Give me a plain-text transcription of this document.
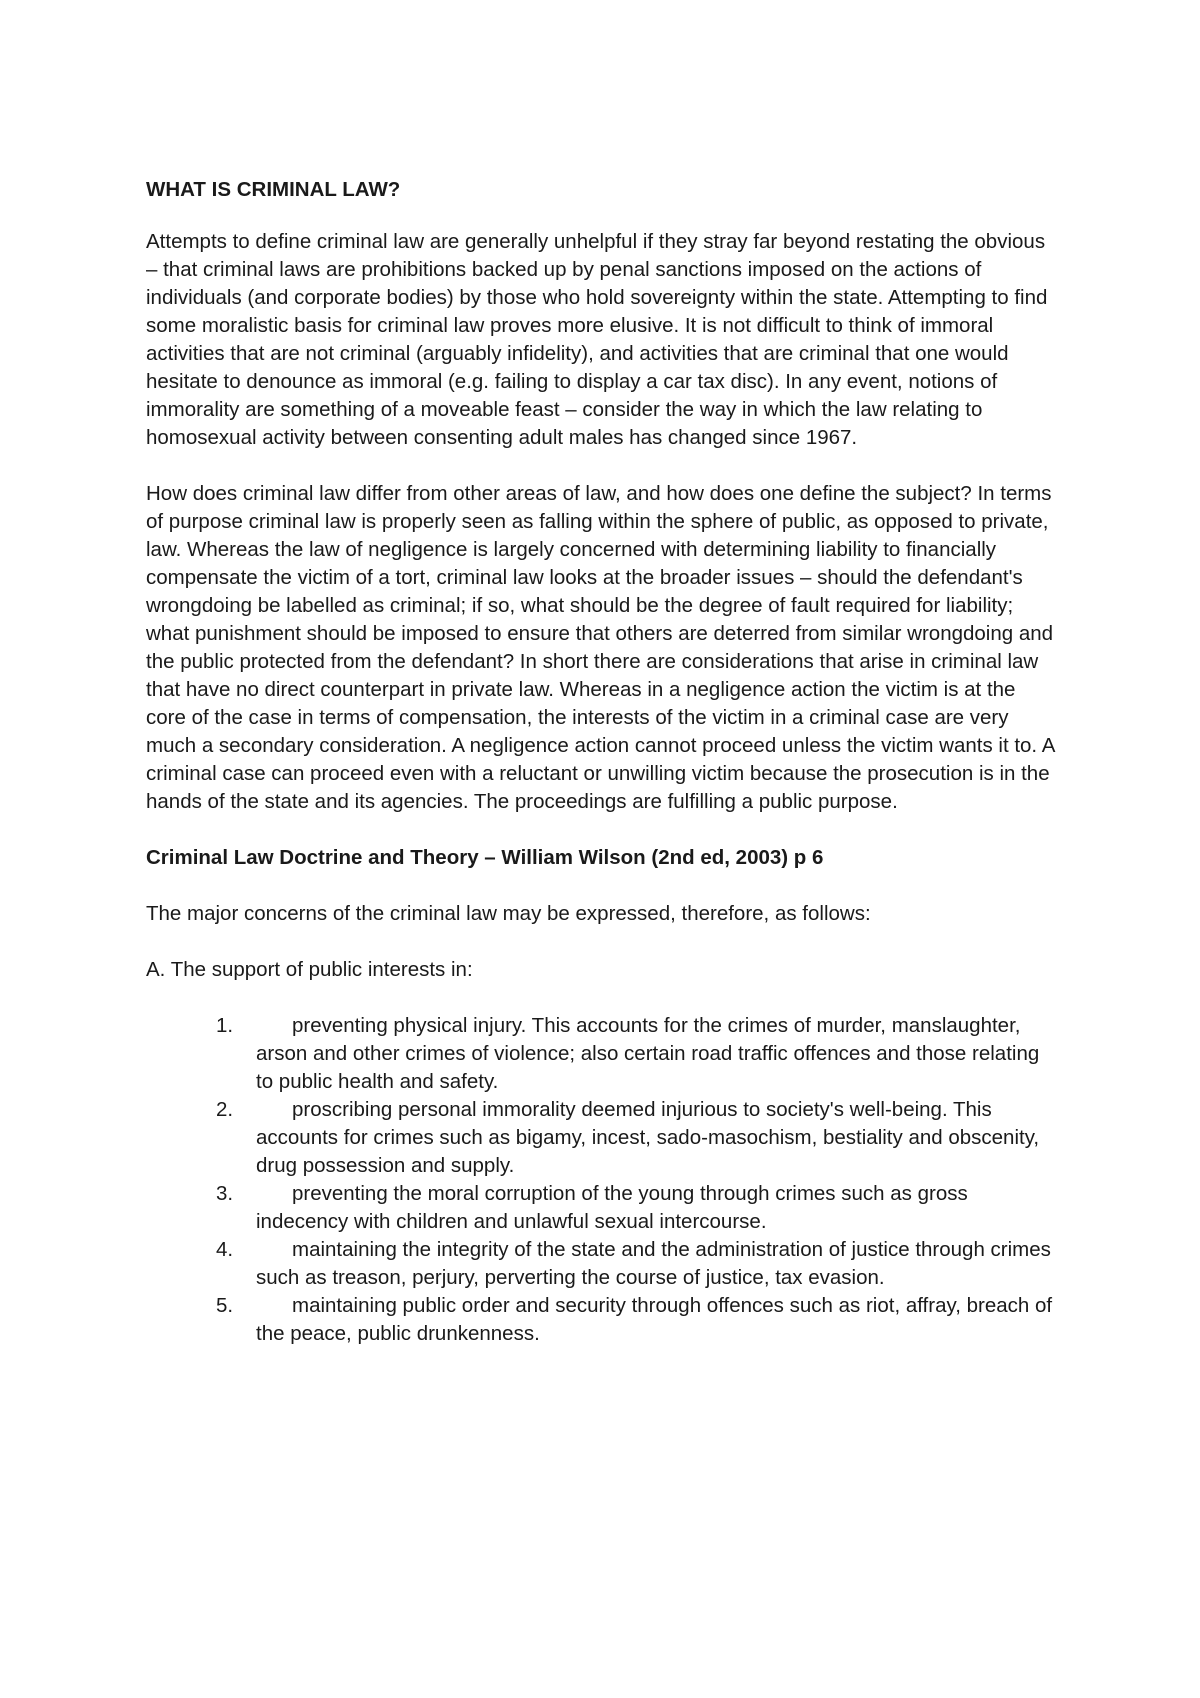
WHAT IS CRIMINAL LAW?

Attempts to define criminal law are generally unhelpful if they stray far beyond restating the obvious – that criminal laws are prohibitions backed up by penal sanctions imposed on the actions of individuals (and corporate bodies) by those who hold sovereignty within the state. Attempting to find some moralistic basis for criminal law proves more elusive. It is not difficult to think of immoral activities that are not criminal (arguably infidelity), and activities that are criminal that one would hesitate to denounce as immoral (e.g. failing to display a car tax disc). In any event, notions of immorality are something of a moveable feast – consider the way in which the law relating to homosexual activity between consenting adult males has changed since 1967.

How does criminal law differ from other areas of law, and how does one define the subject? In terms of purpose criminal law is properly seen as falling within the sphere of public, as opposed to private, law. Whereas the law of negligence is largely concerned with determining liability to financially compensate the victim of a tort, criminal law looks at the broader issues – should the defendant's wrongdoing be labelled as criminal; if so, what should be the degree of fault required for liability; what punishment should be imposed to ensure that others are deterred from similar wrongdoing and the public protected from the defendant? In short there are considerations that arise in criminal law that have no direct counterpart in private law. Whereas in a negligence action the victim is at the core of the case in terms of compensation, the interests of the victim in a criminal case are very much a secondary consideration. A negligence action cannot proceed unless the victim wants it to. A criminal case can proceed even with a reluctant or unwilling victim because the prosecution is in the hands of the state and its agencies. The proceedings are fulfilling a public purpose.

Criminal Law Doctrine and Theory – William Wilson (2nd ed, 2003) p 6

The major concerns of the criminal law may be expressed, therefore, as follows:

A. The support of public interests in:

1.	preventing physical injury. This accounts for the crimes of murder, manslaughter, arson and other crimes of violence; also certain road traffic offences and those relating to public health and safety.
2.	proscribing personal immorality deemed injurious to society's well-being. This accounts for crimes such as bigamy, incest, sado-masochism, bestiality and obscenity, drug possession and supply.
3.	preventing the moral corruption of the young through crimes such as gross indecency with children and unlawful sexual intercourse.
4.	maintaining the integrity of the state and the administration of justice through crimes such as treason, perjury, perverting the course of justice, tax evasion.
5.	maintaining public order and security through offences such as riot, affray, breach of the peace, public drunkenness.
